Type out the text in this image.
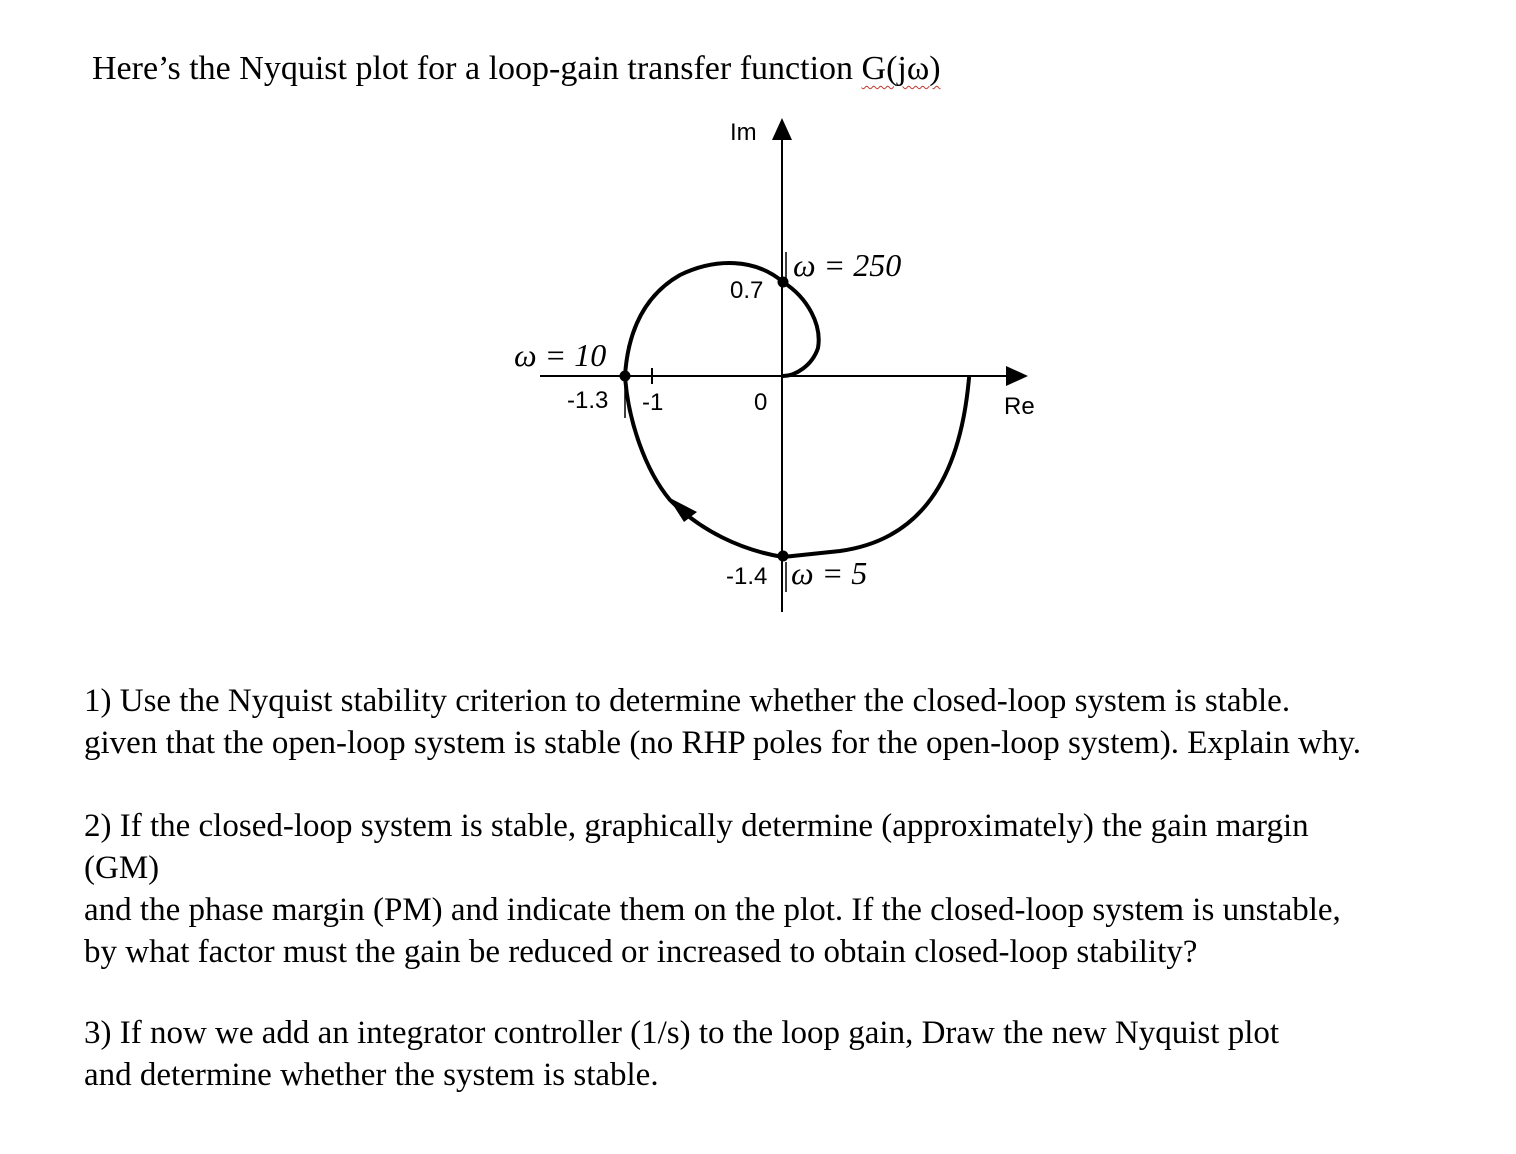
Here’s the Nyquist plot for a loop-gain transfer function G(jω)
Im
Re
-1.3 -1	0
0.7
-1.4
ω = 10
ω = 250
ω = 5
1) Use the Nyquist stability criterion to determine whether the closed-loop system is stable.
given that the open-loop system is stable (no RHP poles for the open-loop system). Explain why.
2) If the closed-loop system is stable, graphically determine (approximately) the gain margin
(GM)
and the phase margin (PM) and indicate them on the plot. If the closed-loop system is unstable,
by what factor must the gain be reduced or increased to obtain closed-loop stability?
3) If now we add an integrator controller (1/s) to the loop gain, Draw the new Nyquist plot
and determine whether the system is stable.
